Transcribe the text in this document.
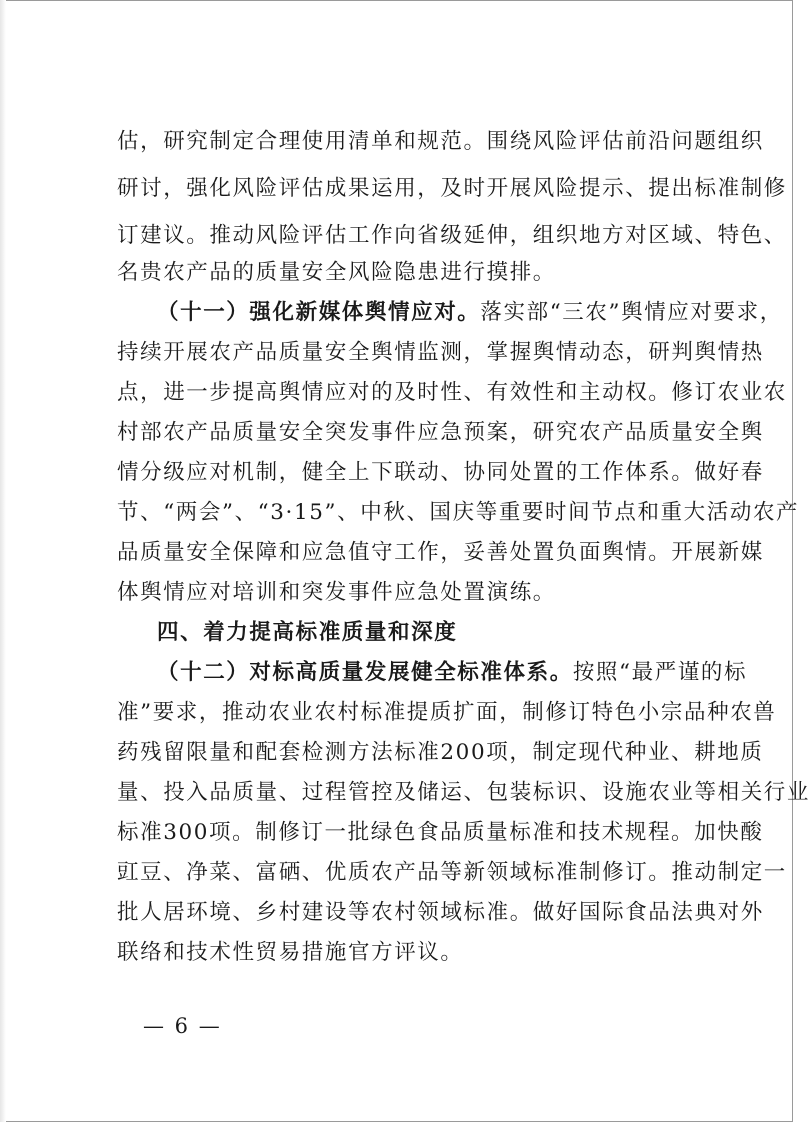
估，研究制定合理使用清单和规范。围绕风险评估前沿问题组织
研讨，强化风险评估成果运用，及时开展风险提示、提出标准制修
订建议。推动风险评估工作向省级延伸，组织地方对区域、特色、
名贵农产品的质量安全风险隐患进行摸排。
（十一）强化新媒体舆情应对。 落实部“三农”舆情应对要求，
持续开展农产品质量安全舆情监测，掌握舆情动态，研判舆情热
点，进一步提高舆情应对的及时性、有效性和主动权。修订农业农
村部农产品质量安全突发事件应急预案，研究农产品质量安全舆
情分级应对机制，健全上下联动、协同处置的工作体系。做好春
节、“两会”、“3·15”、中秋、国庆等重要时间节点和重大活动农产
品质量安全保障和应急值守工作，妥善处置负面舆情。开展新媒
体舆情应对培训和突发事件应急处置演练。
四、着力提高标准质量和深度
（十二）对标高质量发展健全标准体系。 按照“最严谨的标
准”要求，推动农业农村标准提质扩面，制修订特色小宗品种农兽
药残留限量和配套检测方法标准200项，制定现代种业、耕地质
量、投入品质量、过程管控及储运、包装标识、设施农业等相关行业
标准300项。制修订一批绿色食品质量标准和技术规程。加快酸
豇豆、净菜、富硒、优质农产品等新领域标准制修订。推动制定一
批人居环境、乡村建设等农村领域标准。做好国际食品法典对外
联络和技术性贸易措施官方评议。
— 6 —
